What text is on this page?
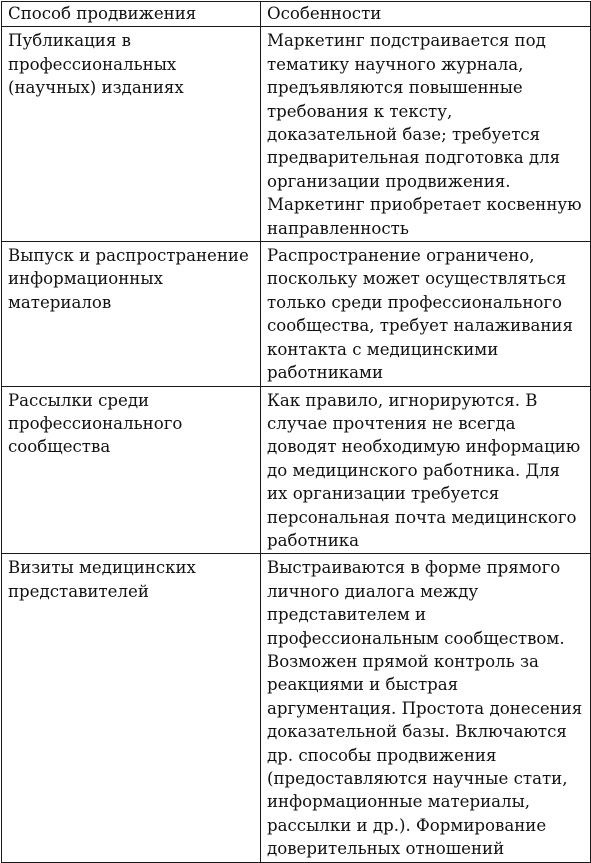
Способ продвижения	Особенности

Публикация в профессиональных (научных) изданиях	Маркетинг подстраивается под тематику научного журнала, предъявляются повышенные требования к тексту, доказательной базе; требуется предварительная подготовка для организации продвижения. Маркетинг приобретает косвенную направленность

Выпуск и распространение информационных материалов	Распространение ограничено, поскольку может осуществляться только среди профессионального сообщества, требует налаживания контакта с медицинскими работниками

Рассылки среди профессионального сообщества	Как правило, игнорируются. В случае прочтения не всегда доводят необходимую информацию до медицинского работника. Для их организации требуется персональная почта медицинского работника

Визиты медицинских представителей	Выстраиваются в форме прямого личного диалога между представителем и профессиональным сообществом. Возможен прямой контроль за реакциями и быстрая аргументация. Простота донесения доказательной базы. Включаются др. способы продвижения (предоставляются научные стати, информационные материалы, рассылки и др.). Формирование доверительных отношений
